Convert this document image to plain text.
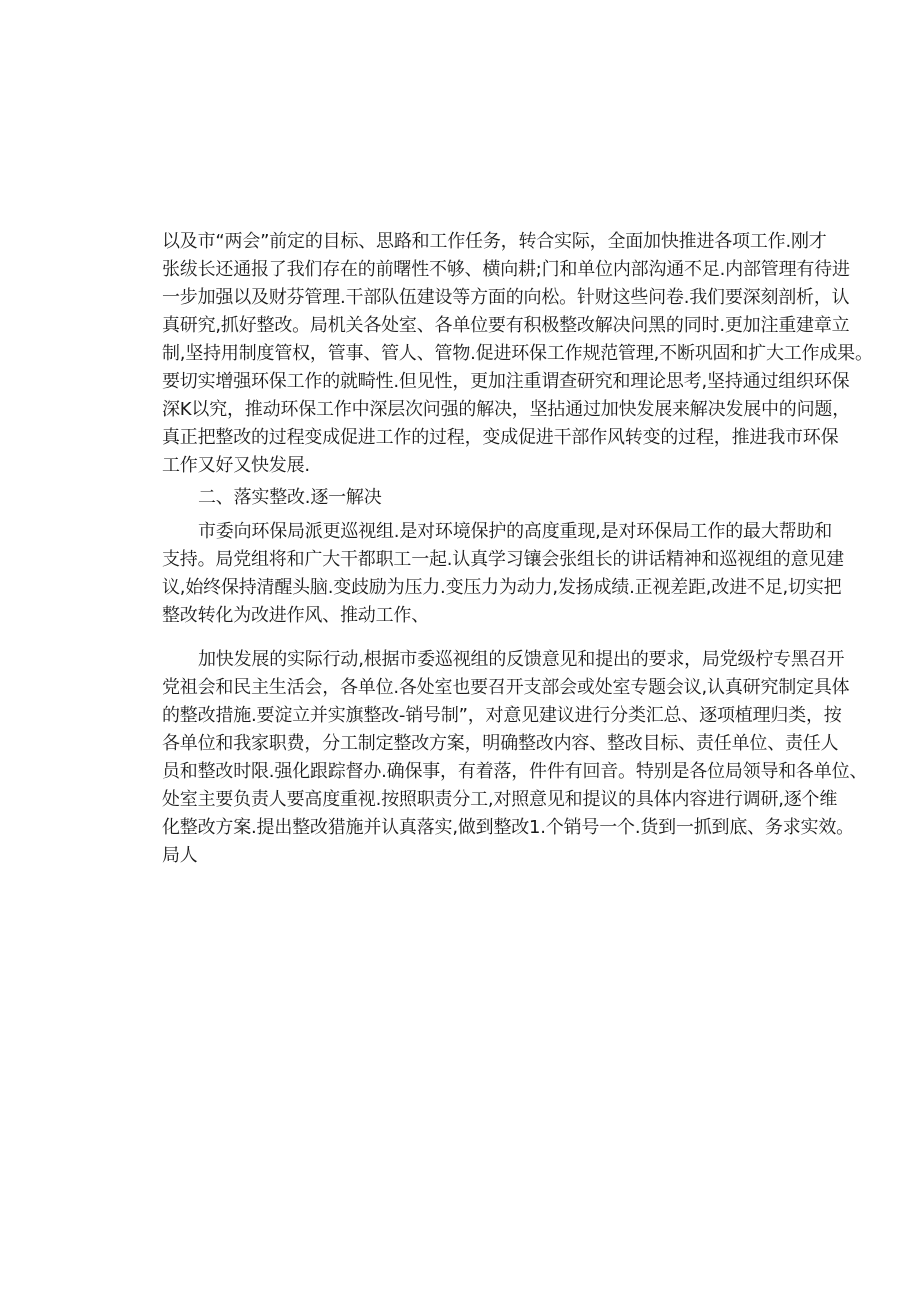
以及市“两会”前定的目标、思路和工作任务，转合实际，全面加快推进各项工作.刚才
张绂长还通报了我们存在的前曙性不够、横向耕;门和单位内部沟通不足.内部管理有待进
一步加强以及财芬管理.干部队伍建设等方面的向松。针财这些问卷.我们要深刻剖析，认
真研究,抓好整改。局机关各处室、各单位要有积极整改解决问黑的同时.更加注重建章立
制,坚持用制度管权，管事、管人、管物.促进环保工作规范管理,不断巩固和扩大工作成果。
要切实增强环保工作的就畸性.但见性，更加注重谓查研究和理论思考,坚持通过组织环保
深K以究，推动环保工作中深层次问强的解决，坚拈通过加快发展来解决发展中的问题，
真正把整改的过程变成促进工作的过程，变成促进干部作风转变的过程，推进我市环保
工作又好又快发展.
二、落实整改.逐一解决
市委向环保局派更巡视组.是对环境保护的高度重现,是对环保局工作的最大帮助和
支持。局党组将和广大干都职工一起.认真学习镶会张组长的讲话精神和巡视组的意见建
议,始终保持清醒头脑.变歧励为压力.变压力为动力,发扬成绩.正视差距,改进不足,切实把
整改转化为改进作风、推动工作、
加快发展的实际行动,根据市委巡视组的反馈意见和提出的要求，局党级柠专黑召开
党祖会和民主生活会，各单位.各处室也要召开支部会或处室专题会议,认真研究制定具体
的整改措施.要淀立并实旗整改-销号制”，对意见建议进行分类汇总、逐项植理归类，按
各单位和我家职费，分工制定整改方案，明确整改内容、整改目标、责任单位、责任人
员和整改时限.强化跟踪督办.确保事，有着落，件件有回音。特别是各位局领导和各单位、
处室主要负责人要高度重视.按照职责分工,对照意见和提议的具体内容进行调研,逐个维
化整改方案.提出整改猎施并认真落实,做到整改1.个销号一个.货到一抓到底、务求实效。
局人
